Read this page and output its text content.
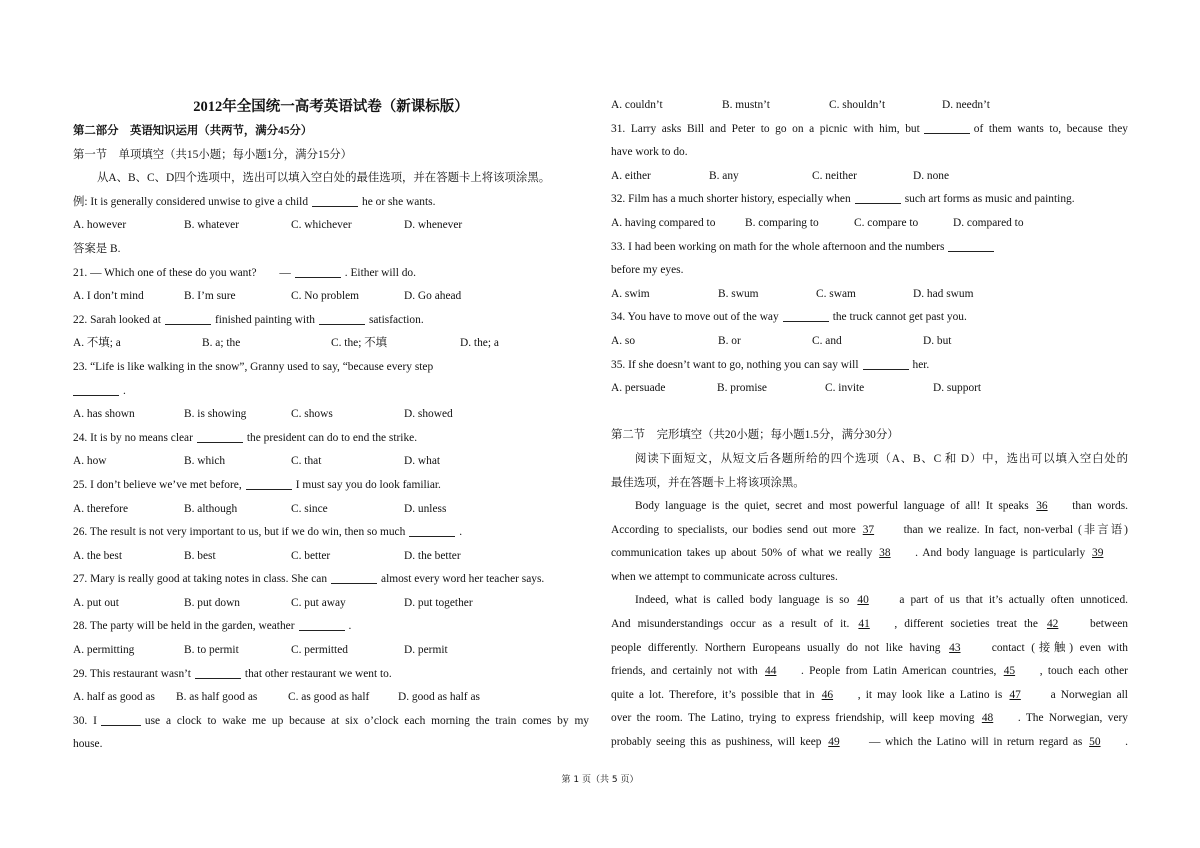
2012年全国统一高考英语试卷（新课标版）
第二部分　英语知识运用（共两节，满分45分）
第一节　单项填空（共15小题；每小题1分，满分15分）
从A、B、C、D四个选项中，选出可以填入空白处的最佳选项，并在答题卡上将该项涂黑。
例: It is generally considered unwise to give a child	he or she wants.
A. however	B. whatever	C. whichever	D. whenever
答案是 B.
21. — Which one of these do you want?　　—	. Either will do.
A. I don’t mind	B. I’m sure	C. No problem	D. Go ahead
22. Sarah looked at	finished painting with	satisfaction.
A. 不填; a	B. a; the	C. the; 不填	D. the; a
23. “Life is like walking in the snow”, Granny used to say, “because every step
.
A. has shown	B. is showing	C. shows	D. showed
24. It is by no means clear	the president can do to end the strike.
A. how	B. which	C. that	D. what
25. I don’t believe we’ve met before,	I must say you do look familiar.
A. therefore	B. although	C. since	D. unless
26. The result is not very important to us, but if we do win, then so much	.
A. the best	B. best	C. better	D. the better
27. Mary is really good at taking notes in class. She can	almost every word her teacher says.
A. put out	B. put down	C. put away	D. put together
28. The party will be held in the garden, weather	.
A. permitting	B. to permit	C. permitted	D. permit
29. This restaurant wasn’t	that other restaurant we went to.
A. half as good as	B. as half good as	C. as good as half	D. good as half as
30. I	use a clock to wake me up because at six o’clock each morning the train comes by my
house.
A. couldn’t	B. mustn’t	C. shouldn’t	D. needn’t
31. Larry asks Bill and Peter to go on a picnic with him, but	of them wants to, because they
have work to do.
A. either	B. any	C. neither	D. none
32. Film has a much shorter history, especially when	such art forms as music and painting.
A. having compared to	B. comparing to	C. compare to	D. compared to
33. I had been working on math for the whole afternoon and the numbers
before my eyes.
A. swim	B. swum	C. swam	D. had swum
34. You have to move out of the way	the truck cannot get past you.
A. so	B. or	C. and	D. but
35. If she doesn’t want to go, nothing you can say will	her.
A. persuade	B. promise	C. invite	D. support
第二节　完形填空（共20小题；每小题1.5分，满分30分）
阅读下面短文，从短文后各题所给的四个选项（A、B、C 和 D）中，选出可以填入空白处的
最佳选项，并在答题卡上将该项涂黑。
Body language is the quiet, secret and most powerful language of all! It speaks 36 than words.
According to specialists, our bodies send out more 37	than we realize. In fact, non-verbal (非言语)
communication takes up about 50% of what we really 38 . And body language is particularly 39
when we attempt to communicate across cultures.
Indeed, what is called body language is so 40	a part of us that it’s actually often unnoticed.
And misunderstandings occur as a result of it. 41 , different societies treat the 42	between
people differently. Northern Europeans usually do not like having 43	contact (接触) even with
friends, and certainly not with 44 . People from Latin American countries, 45 , touch each other
quite a lot. Therefore, it’s possible that in 46 , it may look like a Latino is 47	a Norwegian all
over the room. The Latino, trying to express friendship, will keep moving 48 . The Norwegian, very
probably seeing this as pushiness, will keep 49	— which the Latino will in return regard as 50 .
第 1 页（共 5 页）
